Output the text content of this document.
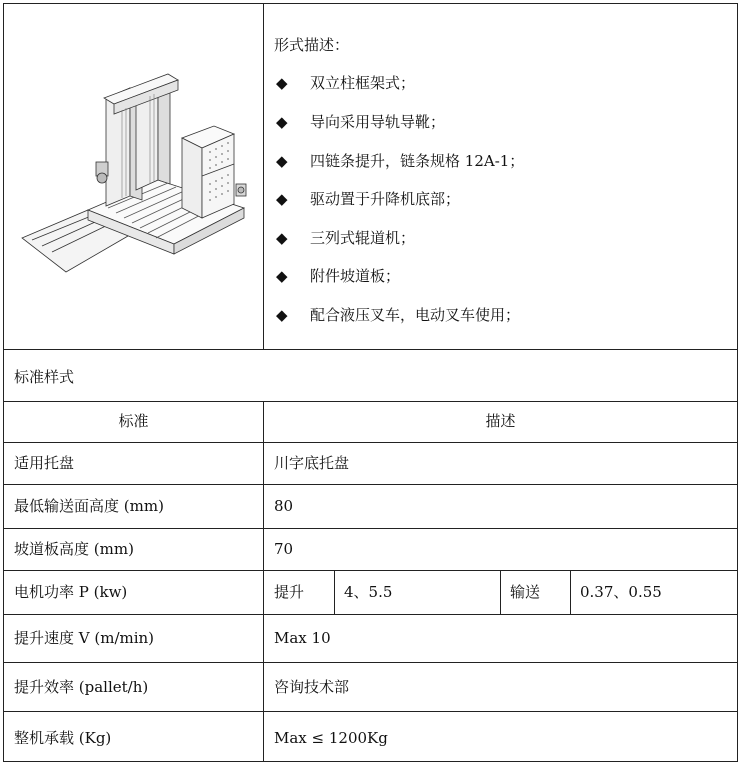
形式描述：
◆ 双立柱框架式；
◆ 导向采用导轨导靴；
◆ 四链条提升，链条规格 12A-1；
◆ 驱动置于升降机底部；
◆ 三列式辊道机；
◆ 附件坡道板；
◆ 配合液压叉车，电动叉车使用；
标准样式
标准	描述
适用托盘	川字底托盘
最低输送面高度 (mm)	80
坡道板高度 (mm)	70
电机功率 P (kw)	提升	4、5.5	输送	0.37、0.55
提升速度 V (m/min)	Max 10
提升效率 (pallet/h)	咨询技术部
整机承载 (Kg)	Max ≤ 1200Kg
